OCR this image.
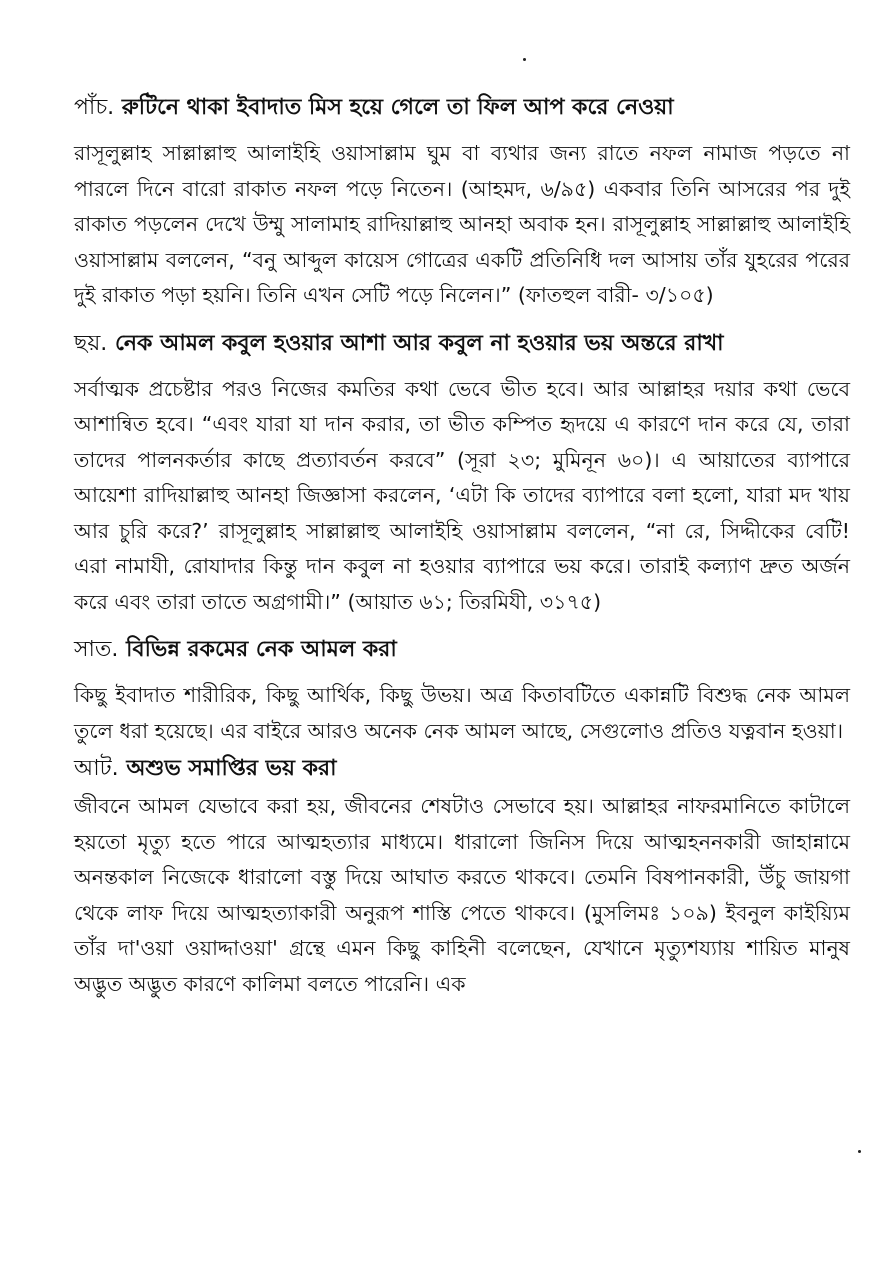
পাঁচ. রুটিনে থাকা ইবাদাত মিস হয়ে গেলে তা ফিল আপ করে নেওয়া

রাসূলুল্লাহ সাল্লাল্লাহু আলাইহি ওয়াসাল্লাম ঘুম বা ব্যথার জন্য রাতে নফল নামাজ পড়তে না পারলে দিনে বারো রাকাত নফল পড়ে নিতেন। (আহমদ, ৬/৯৫) একবার তিনি আসরের পর দুই রাকাত পড়লেন দেখে উম্মু সালামাহ রাদিয়াল্লাহু আনহা অবাক হন। রাসূলুল্লাহ সাল্লাল্লাহু আলাইহি ওয়াসাল্লাম বললেন, “বনু আব্দুল কায়েস গোত্রের একটি প্রতিনিধি দল আসায় তাঁর যুহরের পরের দুই রাকাত পড়া হয়নি। তিনি এখন সেটি পড়ে নিলেন।” (ফাতহুল বারী- ৩/১০৫)

ছয়. নেক আমল কবুল হওয়ার আশা আর কবুল না হওয়ার ভয় অন্তরে রাখা

সর্বাত্মক প্রচেষ্টার পরও নিজের কমতির কথা ভেবে ভীত হবে। আর আল্লাহর দয়ার কথা ভেবে আশান্বিত হবে। “এবং যারা যা দান করার, তা ভীত কম্পিত হৃদয়ে এ কারণে দান করে যে, তারা তাদের পালনকর্তার কাছে প্রত্যাবর্তন করবে” (সূরা ২৩; মুমিনূন ৬০)। এ আয়াতের ব্যাপারে আয়েশা রাদিয়াল্লাহু আনহা জিজ্ঞাসা করলেন, ‘এটা কি তাদের ব্যাপারে বলা হলো, যারা মদ খায় আর চুরি করে?’ রাসূলুল্লাহ সাল্লাল্লাহু আলাইহি ওয়াসাল্লাম বললেন, “না রে, সিদ্দীকের বেটি! এরা নামাযী, রোযাদার কিন্তু দান কবুল না হওয়ার ব্যাপারে ভয় করে। তারাই কল্যাণ দ্রুত অর্জন করে এবং তারা তাতে অগ্রগামী।” (আয়াত ৬১; তিরমিযী, ৩১৭৫)

সাত. বিভিন্ন রকমের নেক আমল করা

কিছু ইবাদাত শারীরিক, কিছু আর্থিক, কিছু উভয়। অত্র কিতাবটিতে একান্নটি বিশুদ্ধ নেক আমল তুলে ধরা হয়েছে। এর বাইরে আরও অনেক নেক আমল আছে, সেগুলোও প্রতিও যত্নবান হওয়া।

আট. অশুভ সমাপ্তির ভয় করা

জীবনে আমল যেভাবে করা হয়, জীবনের শেষটাও সেভাবে হয়। আল্লাহর নাফরমানিতে কাটালে হয়তো মৃত্যু হতে পারে আত্মহত্যার মাধ্যমে। ধারালো জিনিস দিয়ে আত্মহননকারী জাহান্নামে অনন্তকাল নিজেকে ধারালো বস্তু দিয়ে আঘাত করতে থাকবে। তেমনি বিষপানকারী, উঁচু জায়গা থেকে লাফ দিয়ে আত্মহত্যাকারী অনুরূপ শাস্তি পেতে থাকবে। (মুসলিমঃ ১০৯) ইবনুল কাইয়্যিম তাঁর দা'ওয়া ওয়াদ্দাওয়া' গ্রন্থে এমন কিছু কাহিনী বলেছেন, যেখানে মৃত্যুশয্যায় শায়িত মানুষ অদ্ভুত অদ্ভুত কারণে কালিমা বলতে পারেনি। এক
